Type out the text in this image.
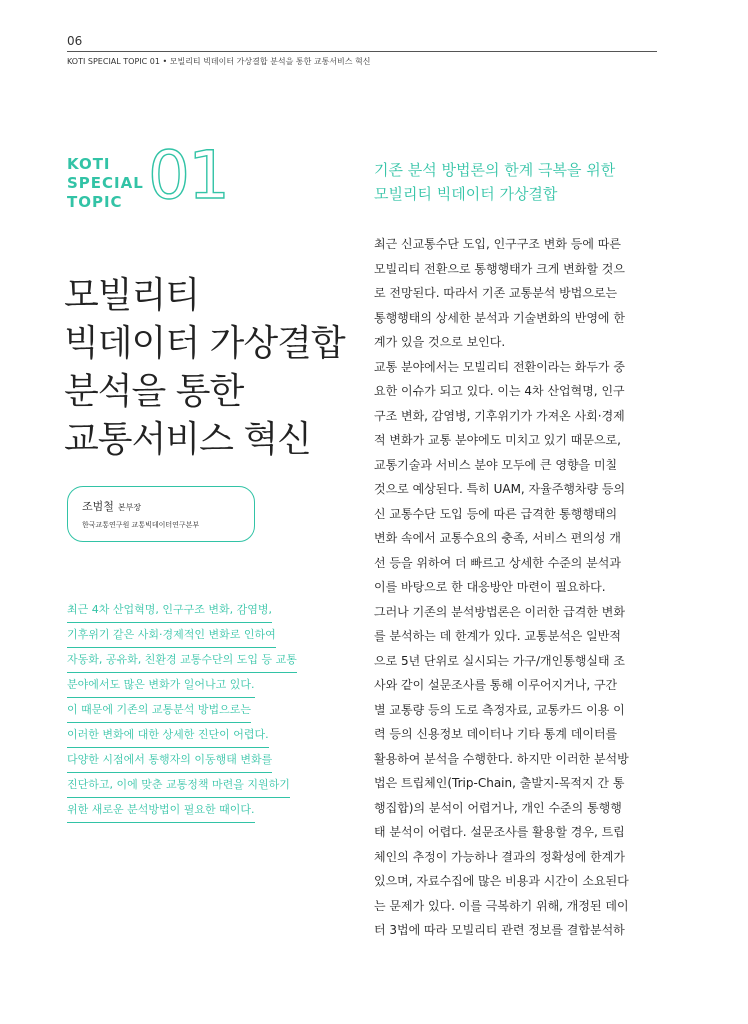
06
KOTI SPECIAL TOPIC 01 • 모빌리티 빅데이터 가상결합 분석을 통한 교통서비스 혁신
KOTI
SPECIAL
TOPIC 01
모빌리티
빅데이터 가상결합
분석을 통한
교통서비스 혁신
조범철 본부장
한국교통연구원 교통빅데이터연구본부
최근 4차 산업혁명, 인구구조 변화, 감염병,
기후위기 같은 사회·경제적인 변화로 인하여
자동화, 공유화, 친환경 교통수단의 도입 등 교통
분야에서도 많은 변화가 일어나고 있다.
이 때문에 기존의 교통분석 방법으로는
이러한 변화에 대한 상세한 진단이 어렵다.
다양한 시점에서 통행자의 이동행태 변화를
진단하고, 이에 맞춘 교통정책 마련을 지원하기
위한 새로운 분석방법이 필요한 때이다.
기존 분석 방법론의 한계 극복을 위한
모빌리티 빅데이터 가상결합
최근 신교통수단 도입, 인구구조 변화 등에 따른
모빌리티 전환으로 통행행태가 크게 변화할 것으
로 전망된다. 따라서 기존 교통분석 방법으로는
통행행태의 상세한 분석과 기술변화의 반영에 한
계가 있을 것으로 보인다.
교통 분야에서는 모빌리티 전환이라는 화두가 중
요한 이슈가 되고 있다. 이는 4차 산업혁명, 인구
구조 변화, 감염병, 기후위기가 가져온 사회·경제
적 변화가 교통 분야에도 미치고 있기 때문으로,
교통기술과 서비스 분야 모두에 큰 영향을 미칠
것으로 예상된다. 특히 UAM, 자율주행차량 등의
신 교통수단 도입 등에 따른 급격한 통행행태의
변화 속에서 교통수요의 충족, 서비스 편의성 개
선 등을 위하여 더 빠르고 상세한 수준의 분석과
이를 바탕으로 한 대응방안 마련이 필요하다.
그러나 기존의 분석방법론은 이러한 급격한 변화
를 분석하는 데 한계가 있다. 교통분석은 일반적
으로 5년 단위로 실시되는 가구/개인통행실태 조
사와 같이 설문조사를 통해 이루어지거나, 구간
별 교통량 등의 도로 측정자료, 교통카드 이용 이
력 등의 신용정보 데이터나 기타 통계 데이터를
활용하여 분석을 수행한다. 하지만 이러한 분석방
법은 트립체인(Trip-Chain, 출발지-목적지 간 통
행집합)의 분석이 어렵거나, 개인 수준의 통행행
태 분석이 어렵다. 설문조사를 활용할 경우, 트립
체인의 추정이 가능하나 결과의 정확성에 한계가
있으며, 자료수집에 많은 비용과 시간이 소요된다
는 문제가 있다. 이를 극복하기 위해, 개정된 데이
터 3법에 따라 모빌리티 관련 정보를 결합분석하
